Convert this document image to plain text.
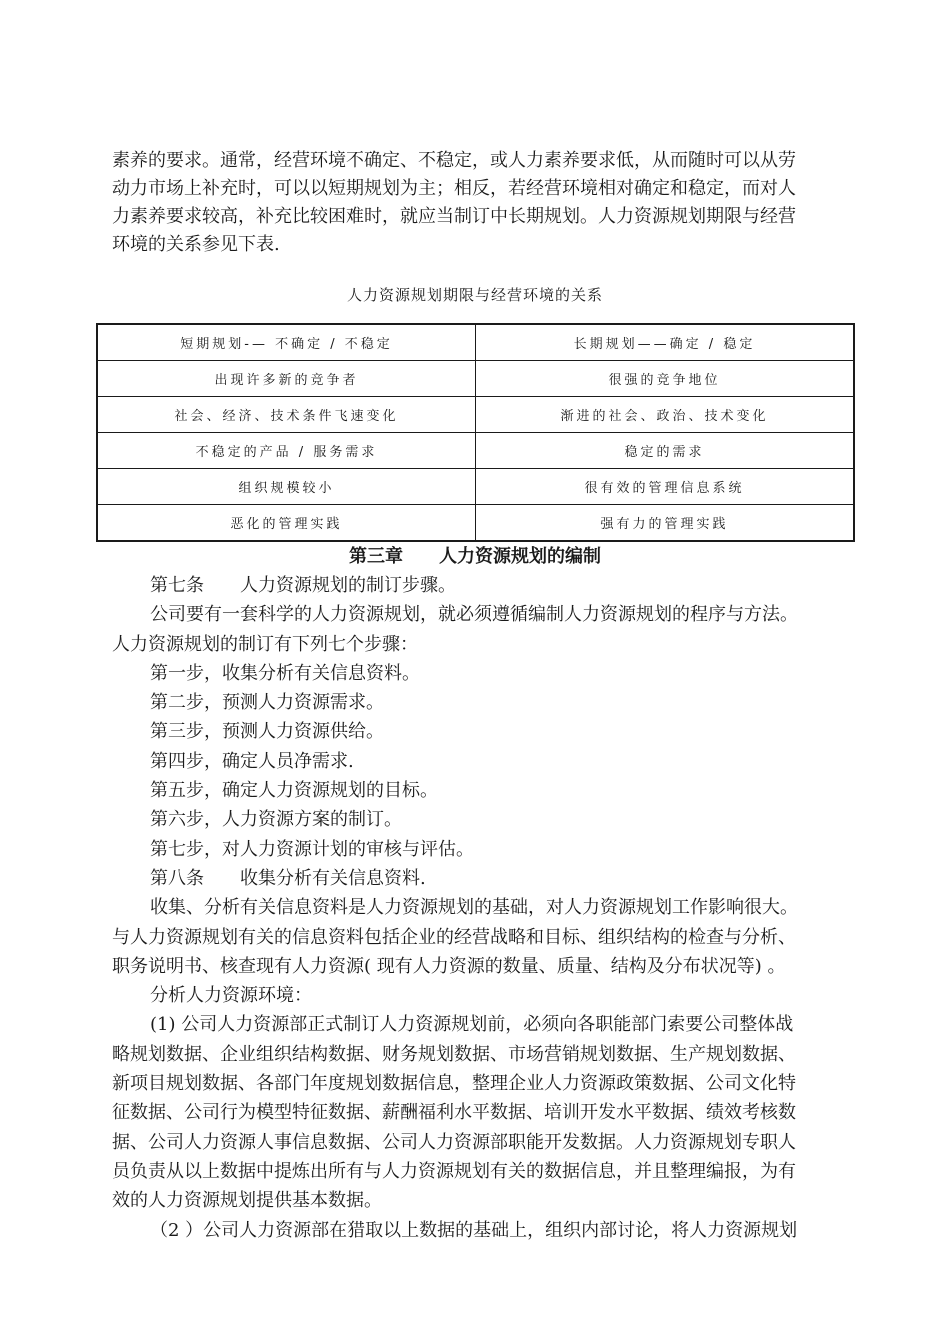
素养的要求。通常，经营环境不确定、不稳定，或人力素养要求低，从而随时可以从劳
动力市场上补充时，可以以短期规划为主；相反，若经营环境相对确定和稳定，而对人
力素养要求较高，补充比较困难时，就应当制订中长期规划。人力资源规划期限与经营
环境的关系参见下表.
人力资源规划期限与经营环境的关系
短期规划-— 不确定 / 不稳定	长期规划——确定 / 稳定
出现许多新的竞争者	很强的竞争地位
社会、经济、技术条件飞速变化	渐进的社会、政治、技术变化
不稳定的产品 / 服务需求	稳定的需求
组织规模较小	很有效的管理信息系统
恶化的管理实践	强有力的管理实践
第三章　　人力资源规划的编制
第七条　　人力资源规划的制订步骤。
公司要有一套科学的人力资源规划，就必须遵循编制人力资源规划的程序与方法。
人力资源规划的制订有下列七个步骤：
第一步，收集分析有关信息资料。
第二步，预测人力资源需求。
第三步，预测人力资源供给。
第四步，确定人员净需求.
第五步，确定人力资源规划的目标。
第六步，人力资源方案的制订。
第七步，对人力资源计划的审核与评估。
第八条　　收集分析有关信息资料.
收集、分析有关信息资料是人力资源规划的基础，对人力资源规划工作影响很大。
与人力资源规划有关的信息资料包括企业的经营战略和目标、组织结构的检查与分析、
职务说明书、核查现有人力资源( 现有人力资源的数量、质量、结构及分布状况等) 。
分析人力资源环境：
(1) 公司人力资源部正式制订人力资源规划前，必须向各职能部门索要公司整体战
略规划数据、企业组织结构数据、财务规划数据、市场营销规划数据、生产规划数据、
新项目规划数据、各部门年度规划数据信息，整理企业人力资源政策数据、公司文化特
征数据、公司行为模型特征数据、薪酬福利水平数据、培训开发水平数据、绩效考核数
据、公司人力资源人事信息数据、公司人力资源部职能开发数据。人力资源规划专职人
员负责从以上数据中提炼出所有与人力资源规划有关的数据信息，并且整理编报，为有
效的人力资源规划提供基本数据。
（2 ）公司人力资源部在猎取以上数据的基础上，组织内部讨论，将人力资源规划
